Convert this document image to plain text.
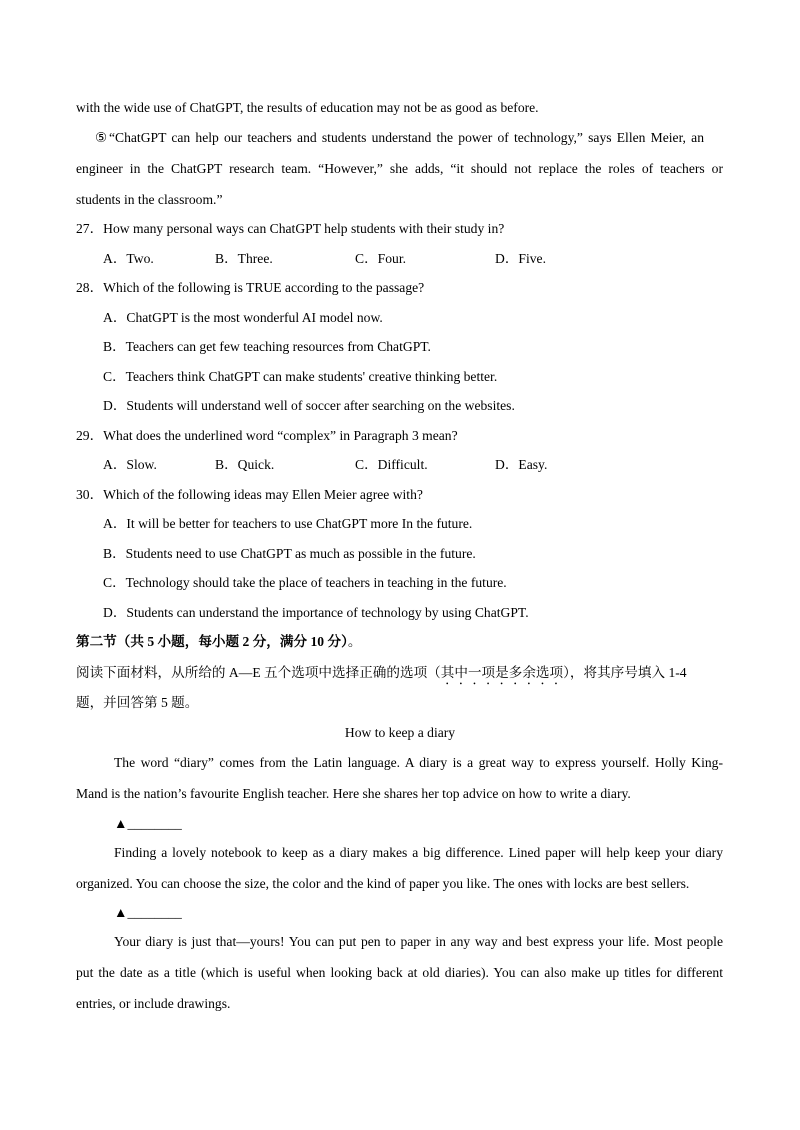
with the wide use of ChatGPT, the results of education may not be as good as before.
⑤“ChatGPT can help our teachers and students understand the power of technology,” says Ellen Meier, an
engineer in the ChatGPT research team. “However,” she adds, “it should not replace the roles of teachers or
students in the classroom.”
27．How many personal ways can ChatGPT help students with their study in?
A．Two.	B．Three.	C．Four.	D．Five.
28．Which of the following is TRUE according to the passage?
A．ChatGPT is the most wonderful AI model now.
B．Teachers can get few teaching resources from ChatGPT.
C．Teachers think ChatGPT can make students' creative thinking better.
D．Students will understand well of soccer after searching on the websites.
29．What does the underlined word “complex” in Paragraph 3 mean?
A．Slow.	B．Quick.	C．Difficult.	D．Easy.
30．Which of the following ideas may Ellen Meier agree with?
A．It will be better for teachers to use ChatGPT more In the future.
B．Students need to use ChatGPT as much as possible in the future.
C．Technology should take the place of teachers in teaching in the future.
D．Students can understand the importance of technology by using ChatGPT.
第二节（共 5 小题，每小题 2 分，满分 10 分）。
阅读下面材料，从所给的 A—E 五个选项中选择正确的选项（其中一项是多余选项），将其序号填入 1-4
题，并回答第 5 题。
How to keep a diary
The word “diary” comes from the Latin language. A diary is a great way to express yourself. Holly King-
Mand is the nation’s favourite English teacher. Here she shares her top advice on how to write a diary.
▲________
Finding a lovely notebook to keep as a diary makes a big difference. Lined paper will help keep your diary
organized. You can choose the size, the color and the kind of paper you like. The ones with locks are best sellers.
▲________
Your diary is just that—yours! You can put pen to paper in any way and best express your life. Most people
put the date as a title (which is useful when looking back at old diaries). You can also make up titles for different
entries, or include drawings.
